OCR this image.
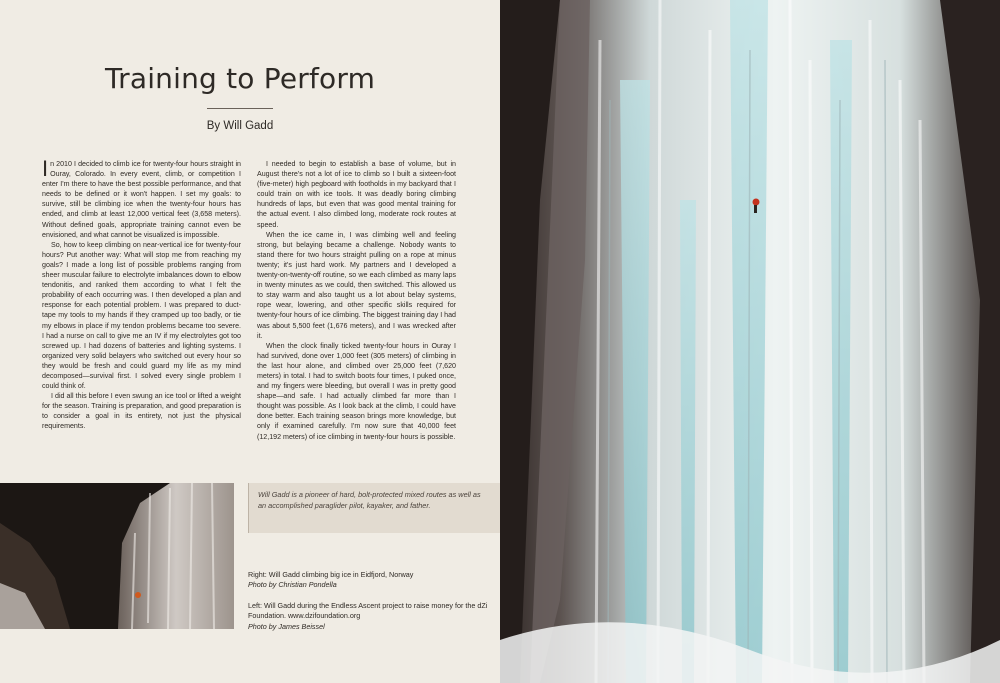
Training to Perform
By Will Gadd

In 2010 I decided to climb ice for twenty-four hours straight in Ouray, Colorado. In every event, climb, or competition I enter I'm there to have the best possible performance, and that needs to be defined or it won't happen. I set my goals: to survive, still be climbing ice when the twenty-four hours has ended, and climb at least 12,000 vertical feet (3,658 meters). Without defined goals, appropriate training cannot even be envisioned, and what cannot be visualized is impossible.

So, how to keep climbing on near-vertical ice for twenty-four hours? Put another way: What will stop me from reaching my goals? I made a long list of possible problems ranging from sheer muscular failure to electrolyte imbalances down to elbow tendonitis, and ranked them according to what I felt the probability of each occurring was. I then developed a plan and response for each potential problem. I was prepared to duct-tape my tools to my hands if they cramped up too badly, or tie my elbows in place if my tendon problems became too severe. I had a nurse on call to give me an IV if my electrolytes got too screwed up. I had dozens of batteries and lighting systems. I organized very solid belayers who switched out every hour so they would be fresh and could guard my life as my mind decomposed—survival first. I solved every single problem I could think of.

I did all this before I even swung an ice tool or lifted a weight for the season. Training is preparation, and good preparation is to consider a goal in its entirety, not just the physical requirements.

I needed to begin to establish a base of volume, but in August there's not a lot of ice to climb so I built a sixteen-foot (five-meter) high pegboard with footholds in my backyard that I could train on with ice tools. It was deadly boring climbing hundreds of laps, but even that was good mental training for the actual event. I also climbed long, moderate rock routes at speed.

When the ice came in, I was climbing well and feeling strong, but belaying became a challenge. Nobody wants to stand there for two hours straight pulling on a rope at minus twenty; it's just hard work. My partners and I developed a twenty-on-twenty-off routine, so we each climbed as many laps in twenty minutes as we could, then switched. This allowed us to stay warm and also taught us a lot about belay systems, rope wear, lowering, and other specific skills required for twenty-four hours of ice climbing. The biggest training day I had was about 5,500 feet (1,676 meters), and I was wrecked after it.

When the clock finally ticked twenty-four hours in Ouray I had survived, done over 1,000 feet (305 meters) of climbing in the last hour alone, and climbed over 25,000 feet (7,620 meters) in total. I had to switch boots four times, I puked once, and my fingers were bleeding, but overall I was in pretty good shape—and safe. I had actually climbed far more than I thought was possible. As I look back at the climb, I could have done better. Each training season brings more knowledge, but only if examined carefully. I'm now sure that 40,000 feet (12,192 meters) of ice climbing in twenty-four hours is possible.

Will Gadd is a pioneer of hard, bolt-protected mixed routes as well as an accomplished paraglider pilot, kayaker, and father.
Right: Will Gadd climbing big ice in Eidfjord, Norway
Photo by Christian Pondella
Left: Will Gadd during the Endless Ascent project to raise money for the dZi Foundation. www.dzifoundation.org
Photo by James Beissel
